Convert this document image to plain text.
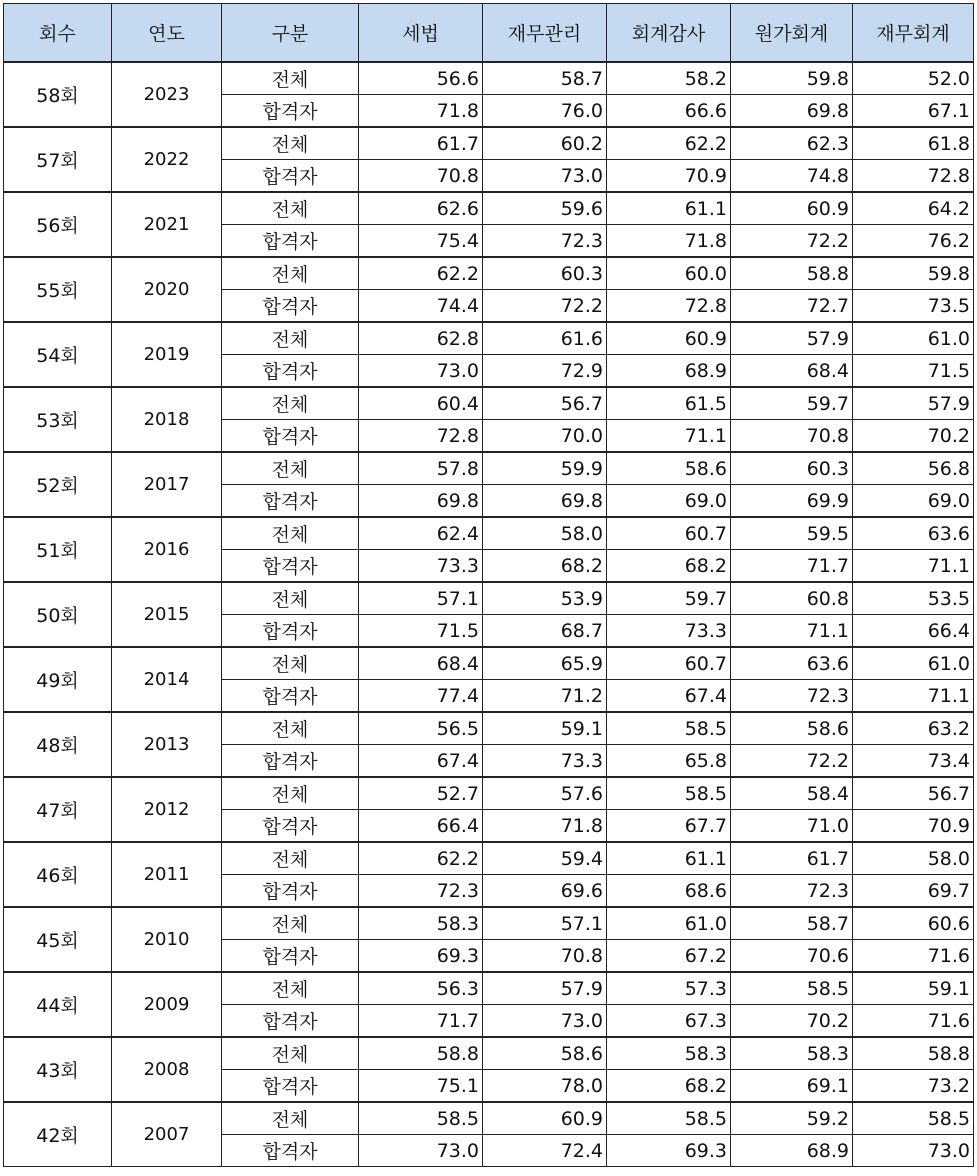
회수	연도	구분	세법	재무관리	회계감사	원가회계	재무회계
58회	2023	전체	56.6	58.7	58.2	59.8	52.0
		합격자	71.8	76.0	66.6	69.8	67.1
57회	2022	전체	61.7	60.2	62.2	62.3	61.8
		합격자	70.8	73.0	70.9	74.8	72.8
56회	2021	전체	62.6	59.6	61.1	60.9	64.2
		합격자	75.4	72.3	71.8	72.2	76.2
55회	2020	전체	62.2	60.3	60.0	58.8	59.8
		합격자	74.4	72.2	72.8	72.7	73.5
54회	2019	전체	62.8	61.6	60.9	57.9	61.0
		합격자	73.0	72.9	68.9	68.4	71.5
53회	2018	전체	60.4	56.7	61.5	59.7	57.9
		합격자	72.8	70.0	71.1	70.8	70.2
52회	2017	전체	57.8	59.9	58.6	60.3	56.8
		합격자	69.8	69.8	69.0	69.9	69.0
51회	2016	전체	62.4	58.0	60.7	59.5	63.6
		합격자	73.3	68.2	68.2	71.7	71.1
50회	2015	전체	57.1	53.9	59.7	60.8	53.5
		합격자	71.5	68.7	73.3	71.1	66.4
49회	2014	전체	68.4	65.9	60.7	63.6	61.0
		합격자	77.4	71.2	67.4	72.3	71.1
48회	2013	전체	56.5	59.1	58.5	58.6	63.2
		합격자	67.4	73.3	65.8	72.2	73.4
47회	2012	전체	52.7	57.6	58.5	58.4	56.7
		합격자	66.4	71.8	67.7	71.0	70.9
46회	2011	전체	62.2	59.4	61.1	61.7	58.0
		합격자	72.3	69.6	68.6	72.3	69.7
45회	2010	전체	58.3	57.1	61.0	58.7	60.6
		합격자	69.3	70.8	67.2	70.6	71.6
44회	2009	전체	56.3	57.9	57.3	58.5	59.1
		합격자	71.7	73.0	67.3	70.2	71.6
43회	2008	전체	58.8	58.6	58.3	58.3	58.8
		합격자	75.1	78.0	68.2	69.1	73.2
42회	2007	전체	58.5	60.9	58.5	59.2	58.5
		합격자	73.0	72.4	69.3	68.9	73.0
